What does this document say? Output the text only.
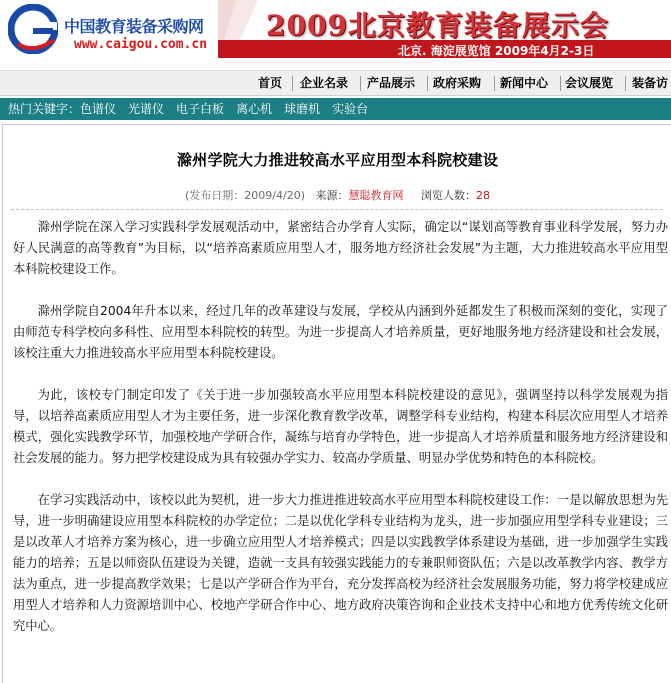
中国教育装备采购网
www.caigou.com.cn
2009北京教育装备展示会
北京. 海淀展览馆 2009年4月2-3日
首页 企业名录 产品展示 政府采购 新闻中心 会议展览 装备访
热门关键字：色谱仪 光谱仪 电子白板 离心机 球磨机 实验台
滁州学院大力推进较高水平应用型本科院校建设
(发布日期：2009/4/20) 来源：慧聪教育网 浏览人数：28

滁州学院在深入学习实践科学发展观活动中，紧密结合办学育人实际，确定以“谋划高等教育事业科学发展，努力办好人民满意的高等教育”为目标，以“培养高素质应用型人才，服务地方经济社会发展”为主题，大力推进较高水平应用型本科院校建设工作。

滁州学院自2004年升本以来，经过几年的改革建设与发展，学校从内涵到外延都发生了积极而深刻的变化，实现了由师范专科学校向多科性、应用型本科院校的转型。为进一步提高人才培养质量，更好地服务地方经济建设和社会发展，该校注重大力推进较高水平应用型本科院校建设。

为此，该校专门制定印发了《关于进一步加强较高水平应用型本科院校建设的意见》，强调坚持以科学发展观为指导，以培养高素质应用型人才为主要任务，进一步深化教育教学改革，调整学科专业结构，构建本科层次应用型人才培养模式，强化实践教学环节，加强校地产学研合作，凝练与培育办学特色，进一步提高人才培养质量和服务地方经济建设和社会发展的能力。努力把学校建设成为具有较强办学实力、较高办学质量、明显办学优势和特色的本科院校。

在学习实践活动中，该校以此为契机，进一步大力推进推进较高水平应用型本科院校建设工作：一是以解放思想为先导，进一步明确建设应用型本科院校的办学定位；二是以优化学科专业结构为龙头，进一步加强应用型学科专业建设；三是以改革人才培养方案为核心，进一步确立应用型人才培养模式；四是以实践教学体系建设为基础，进一步加强学生实践能力的培养；五是以师资队伍建设为关键，造就一支具有较强实践能力的专兼职师资队伍；六是以改革教学内容、教学方法为重点，进一步提高教学效果；七是以产学研合作为平台，充分发挥高校为经济社会发展服务功能，努力将学校建成应用型人才培养和人力资源培训中心、校地产学研合作中心、地方政府决策咨询和企业技术支持中心和地方优秀传统文化研究中心。
